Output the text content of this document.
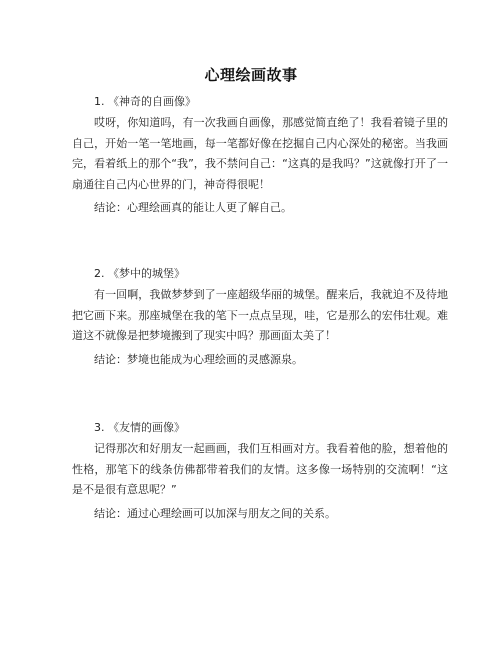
心理绘画故事
1. 《神奇的自画像》
哎呀，你知道吗，有一次我画自画像，那感觉简直绝了！我看着镜子里的自己，开始一笔一笔地画，每一笔都好像在挖掘自己内心深处的秘密。当我画完，看着纸上的那个“我”，我不禁问自己：“这真的是我吗？”这就像打开了一扇通往自己内心世界的门，神奇得很呢！
结论：心理绘画真的能让人更了解自己。
2. 《梦中的城堡》
有一回啊，我做梦梦到了一座超级华丽的城堡。醒来后，我就迫不及待地把它画下来。那座城堡在我的笔下一点点呈现，哇，它是那么的宏伟壮观。难道这不就像是把梦境搬到了现实中吗？那画面太美了！
结论：梦境也能成为心理绘画的灵感源泉。
3. 《友情的画像》
记得那次和好朋友一起画画，我们互相画对方。我看着他的脸，想着他的性格，那笔下的线条仿佛都带着我们的友情。这多像一场特别的交流啊！“这是不是很有意思呢？”
结论：通过心理绘画可以加深与朋友之间的关系。
